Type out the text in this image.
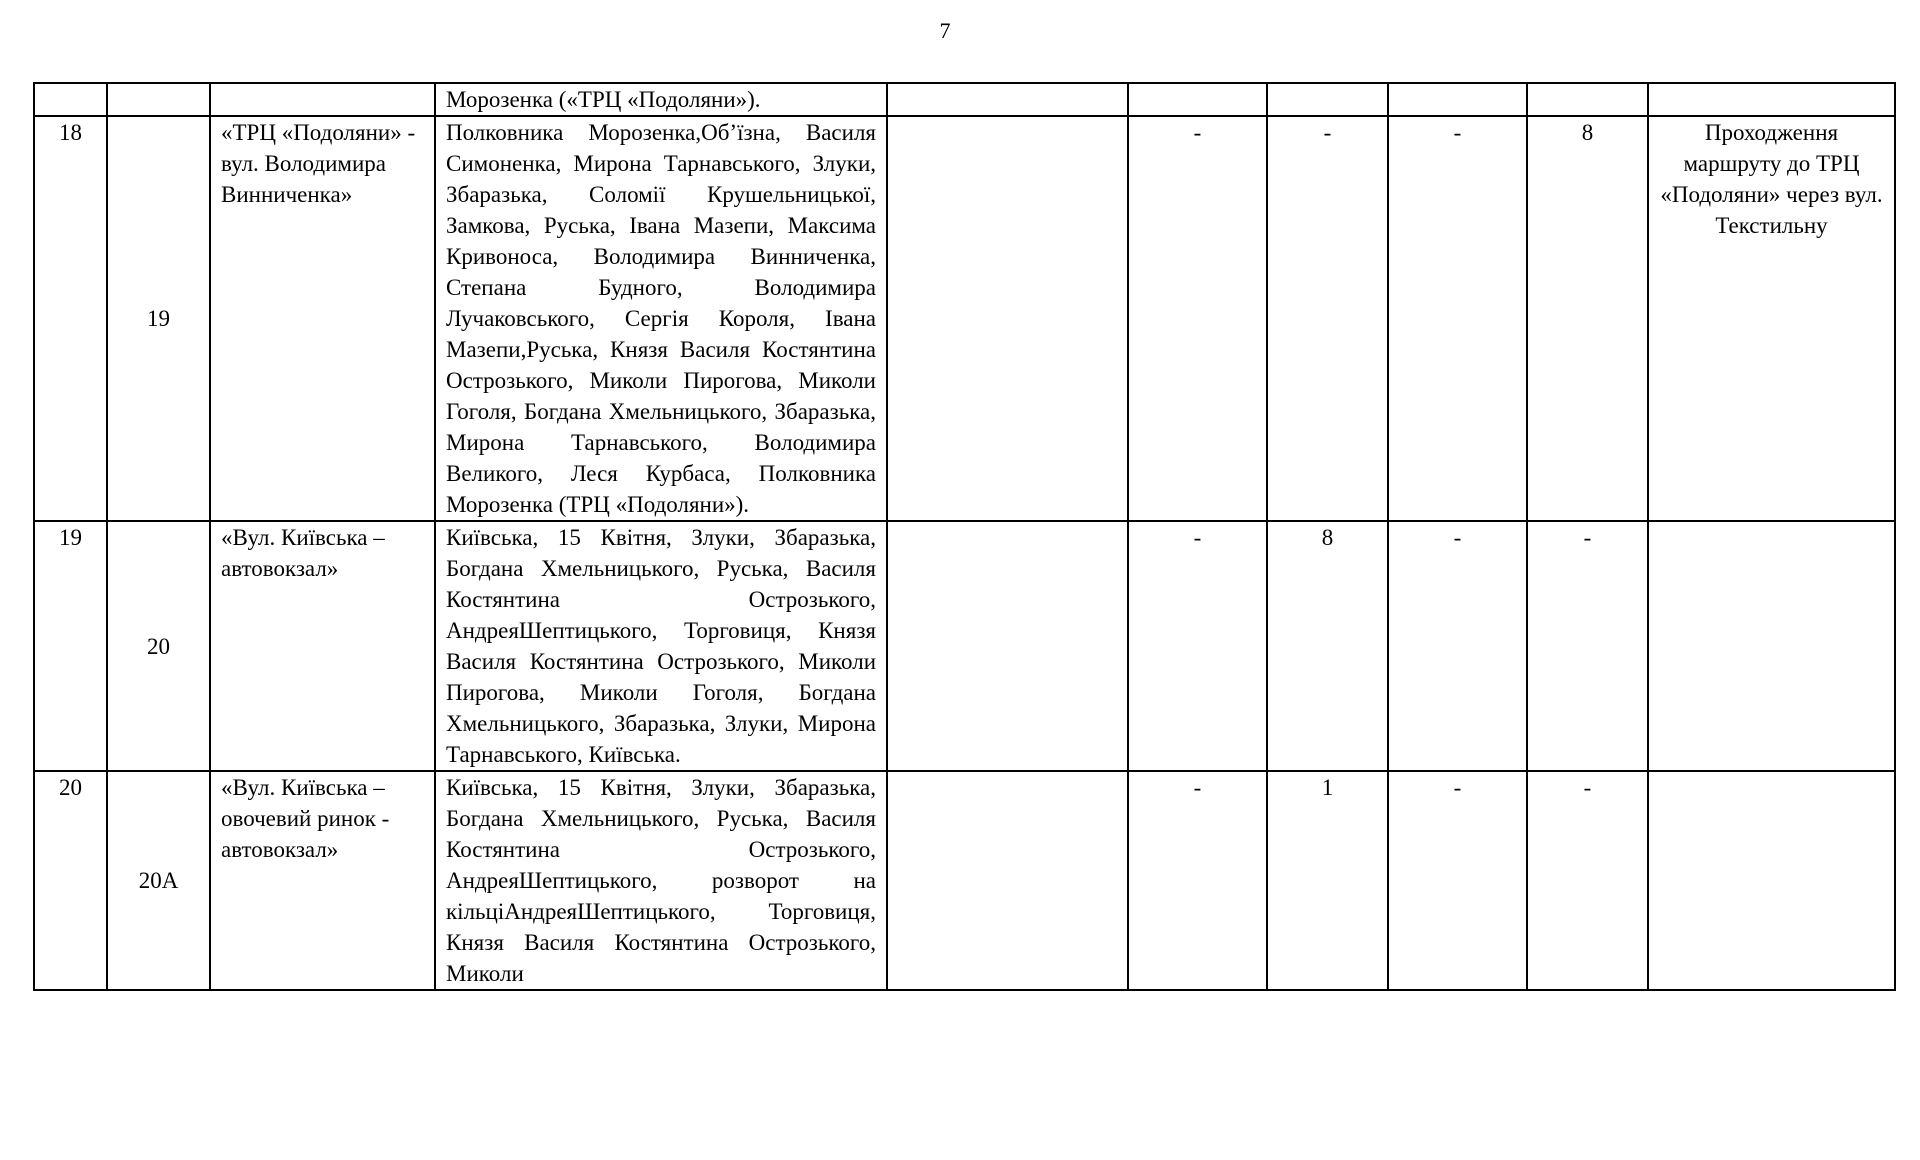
7
			Морозенка («ТРЦ «Подоляни»).						
18	19	«ТРЦ «Подоляни» - вул. Володимира Винниченка»	Полковника Морозенка,Об’їзна, Василя Симоненка, Мирона Тарнавського, Злуки, Збаразька, Соломії Крушельницької, Замкова, Руська, Івана Мазепи, Максима Кривоноса, Володимира Винниченка, Степана Будного, Володимира Лучаковського, Сергія Короля, Івана Мазепи,Руська, Князя Василя Костянтина Острозького, Миколи Пирогова, Миколи Гоголя, Богдана Хмельницького, Збаразька, Мирона Тарнавського, Володимира Великого, Леся Курбаса, Полковника Морозенка (ТРЦ «Подоляни»).		-	-	-	8	Проходження маршруту до ТРЦ «Подоляни» через вул. Текстильну
19	20	«Вул. Київська – автовокзал»	Київська, 15 Квітня, Злуки, Збаразька, Богдана Хмельницького, Руська, Василя Костянтина Острозького, АндреяШептицького, Торговиця, Князя Василя Костянтина Острозького, Миколи Пирогова, Миколи Гоголя, Богдана Хмельницького, Збаразька, Злуки, Мирона Тарнавського, Київська.		-	8	-	-	
20	20А	«Вул. Київська – овочевий ринок - автовокзал»	Київська, 15 Квітня, Злуки, Збаразька, Богдана Хмельницького, Руська, Василя Костянтина Острозького, АндреяШептицького, розворот на кільціАндреяШептицького, Торговиця, Князя Василя Костянтина Острозького, Миколи		-	1	-	-	
